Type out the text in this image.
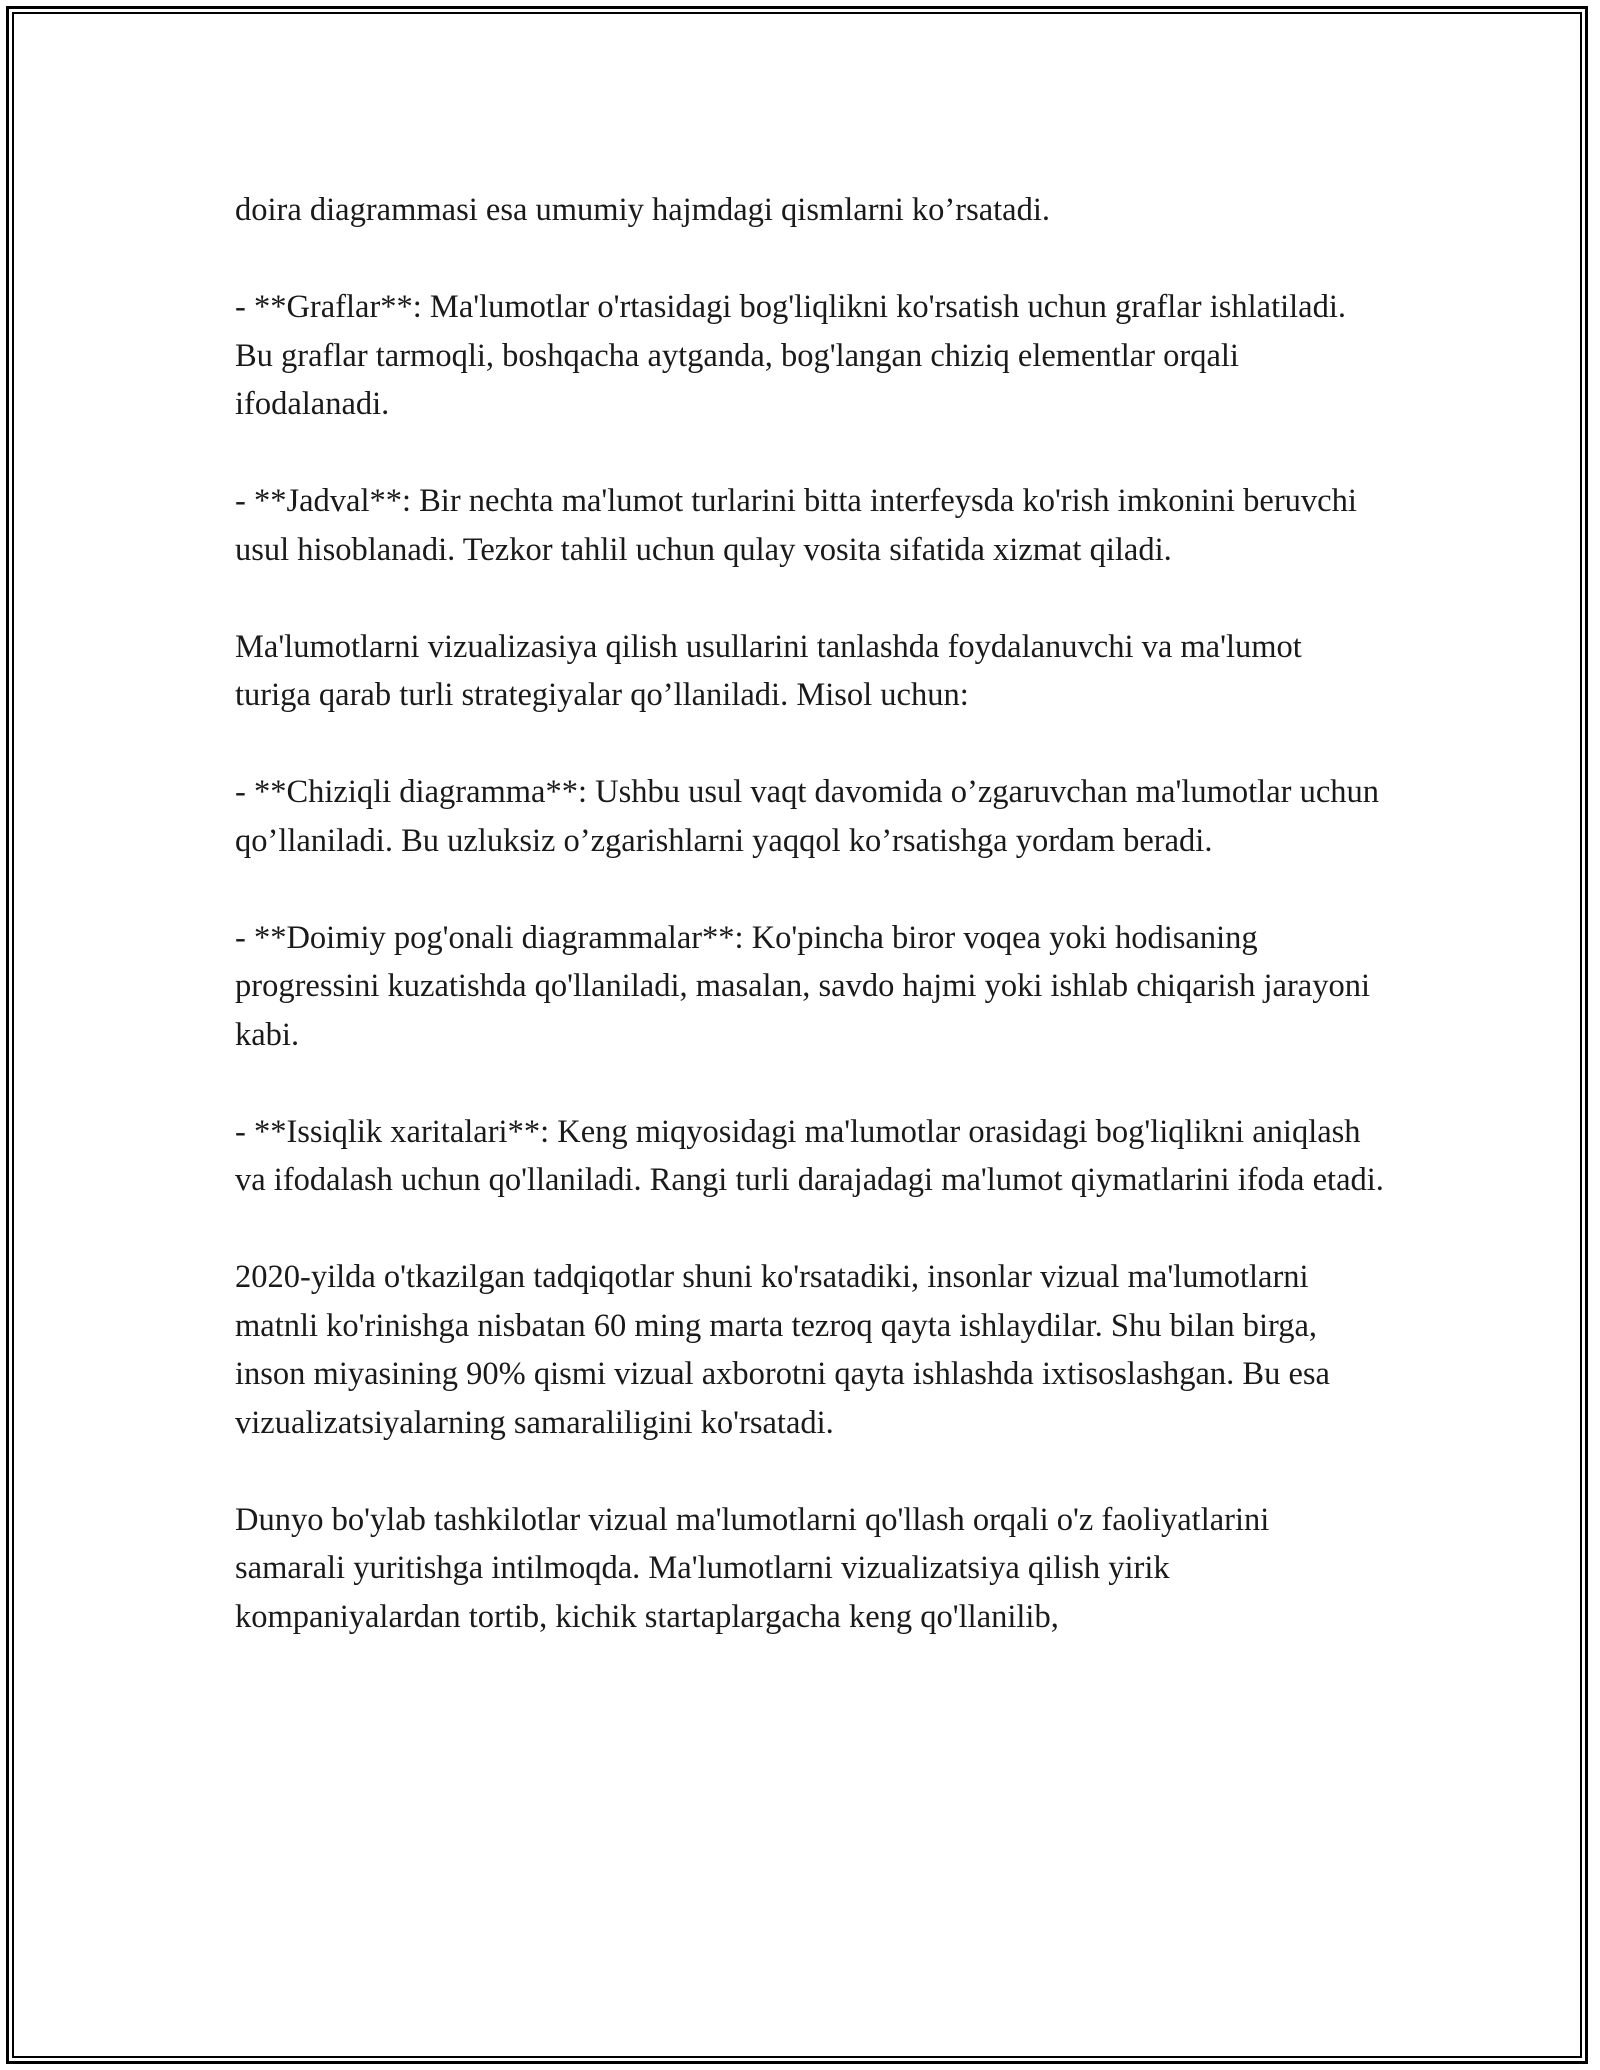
doira diagrammasi esa umumiy hajmdagi qismlarni ko’rsatadi.

- **Graflar**: Ma'lumotlar o'rtasidagi bog'liqlikni ko'rsatish uchun graflar ishlatiladi. Bu graflar tarmoqli, boshqacha aytganda, bog'langan chiziq elementlar orqali ifodalanadi.

- **Jadval**: Bir nechta ma'lumot turlarini bitta interfeysda ko'rish imkonini beruvchi usul hisoblanadi. Tezkor tahlil uchun qulay vosita sifatida xizmat qiladi.

Ma'lumotlarni vizualizasiya qilish usullarini tanlashda foydalanuvchi va ma'lumot turiga qarab turli strategiyalar qo’llaniladi. Misol uchun:

- **Chiziqli diagramma**: Ushbu usul vaqt davomida o’zgaruvchan ma'lumotlar uchun qo’llaniladi. Bu uzluksiz o’zgarishlarni yaqqol ko’rsatishga yordam beradi.

- **Doimiy pog'onali diagrammalar**: Ko'pincha biror voqea yoki hodisaning progressini kuzatishda qo'llaniladi, masalan, savdo hajmi yoki ishlab chiqarish jarayoni kabi.

- **Issiqlik xaritalari**: Keng miqyosidagi ma'lumotlar orasidagi bog'liqlikni aniqlash va ifodalash uchun qo'llaniladi. Rangi turli darajadagi ma'lumot qiymatlarini ifoda etadi.

2020-yilda o'tkazilgan tadqiqotlar shuni ko'rsatadiki, insonlar vizual ma'lumotlarni matnli ko'rinishga nisbatan 60 ming marta tezroq qayta ishlaydilar. Shu bilan birga, inson miyasining 90% qismi vizual axborotni qayta ishlashda ixtisoslashgan. Bu esa vizualizatsiyalarning samaraliligini ko'rsatadi.

Dunyo bo'ylab tashkilotlar vizual ma'lumotlarni qo'llash orqali o'z faoliyatlarini samarali yuritishga intilmoqda. Ma'lumotlarni vizualizatsiya qilish yirik kompaniyalardan tortib, kichik startaplargacha keng qo'llanilib,
